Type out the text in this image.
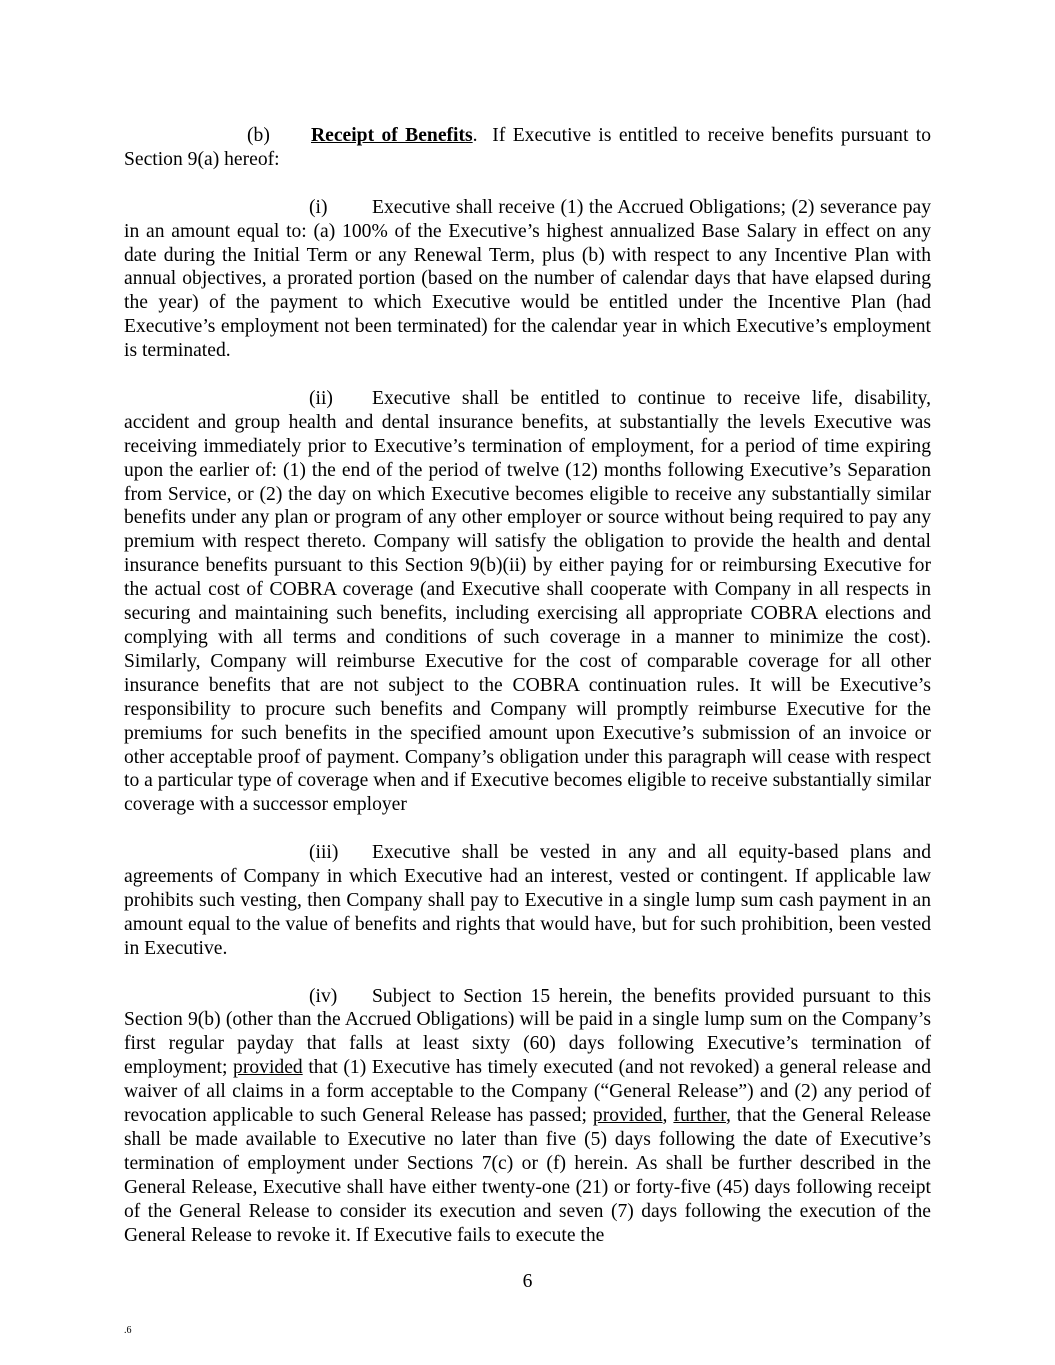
(b) Receipt of Benefits.  If Executive is entitled to receive benefits pursuant to Section 9(a) hereof:

(i) Executive shall receive (1) the Accrued Obligations; (2) severance pay in an amount equal to: (a) 100% of the Executive’s highest annualized Base Salary in effect on any date during the Initial Term or any Renewal Term, plus (b) with respect to any Incentive Plan with annual objectives, a prorated portion (based on the number of calendar days that have elapsed during the year) of the payment to which Executive would be entitled under the Incentive Plan (had Executive’s employment not been terminated) for the calendar year in which Executive’s employment is terminated.

(ii) Executive shall be entitled to continue to receive life, disability, accident and group health and dental insurance benefits, at substantially the levels Executive was receiving immediately prior to Executive’s termination of employment, for a period of time expiring upon the earlier of: (1) the end of the period of twelve (12) months following Executive’s Separation from Service, or (2) the day on which Executive becomes eligible to receive any substantially similar benefits under any plan or program of any other employer or source without being required to pay any premium with respect thereto. Company will satisfy the obligation to provide the health and dental insurance benefits pursuant to this Section 9(b)(ii) by either paying for or reimbursing Executive for the actual cost of COBRA coverage (and Executive shall cooperate with Company in all respects in securing and maintaining such benefits, including exercising all appropriate COBRA elections and complying with all terms and conditions of such coverage in a manner to minimize the cost). Similarly, Company will reimburse Executive for the cost of comparable coverage for all other insurance benefits that are not subject to the COBRA continuation rules. It will be Executive’s responsibility to procure such benefits and Company will promptly reimburse Executive for the premiums for such benefits in the specified amount upon Executive’s submission of an invoice or other acceptable proof of payment. Company’s obligation under this paragraph will cease with respect to a particular type of coverage when and if Executive becomes eligible to receive substantially similar coverage with a successor employer

(iii) Executive shall be vested in any and all equity-based plans and agreements of Company in which Executive had an interest, vested or contingent. If applicable law prohibits such vesting, then Company shall pay to Executive in a single lump sum cash payment in an amount equal to the value of benefits and rights that would have, but for such prohibition, been vested in Executive.

(iv) Subject to Section 15 herein, the benefits provided pursuant to this Section 9(b) (other than the Accrued Obligations) will be paid in a single lump sum on the Company’s first regular payday that falls at least sixty (60) days following Executive’s termination of employment; provided that (1) Executive has timely executed (and not revoked) a general release and waiver of all claims in a form acceptable to the Company (“General Release”) and (2) any period of revocation applicable to such General Release has passed; provided, further, that the General Release shall be made available to Executive no later than five (5) days following the date of Executive’s termination of employment under Sections 7(c) or (f) herein. As shall be further described in the General Release, Executive shall have either twenty-one (21) or forty-five (45) days following receipt of the General Release to consider its execution and seven (7) days following the execution of the General Release to revoke it. If Executive fails to execute the

6
.6
